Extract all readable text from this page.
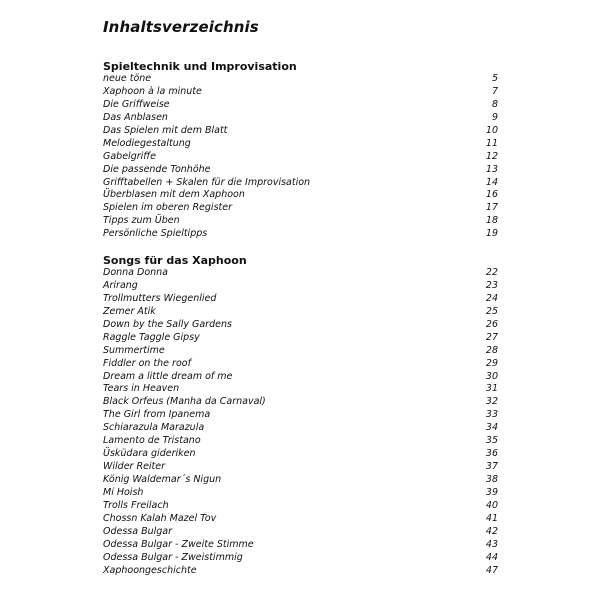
Inhaltsverzeichnis
Spieltechnik und Improvisation
neue töne	5
Xaphoon à la minute	7
Die Griffweise	8
Das Anblasen	9
Das Spielen mit dem Blatt	10
Melodiegestaltung	11
Gabelgriffe	12
Die passende Tonhöhe	13
Grifftabellen + Skalen für die Improvisation	14
Überblasen mit dem Xaphoon	16
Spielen im oberen Register	17
Tipps zum Üben	18
Persönliche Spieltipps	19
Songs für das Xaphoon
Donna Donna	22
Arirang	23
Trollmutters Wiegenlied	24
Zemer Atik	25
Down by the Sally Gardens	26
Raggle Taggle Gipsy	27
Summertime	28
Fiddler on the roof	29
Dream a little dream of me	30
Tears in Heaven	31
Black Orfeus (Manha da Carnaval)	32
The Girl from Ipanema	33
Schiarazula Marazula	34
Lamento de Tristano	35
Üsküdara gideriken	36
Wilder Reiter	37
König Waldemar´s Nigun	38
Mi Hoish	39
Trolls Freilach	40
Chossn Kalah Mazel Tov	41
Odessa Bulgar	42
Odessa Bulgar - Zweite Stimme	43
Odessa Bulgar - Zweistimmig	44
Xaphoongeschichte	47
